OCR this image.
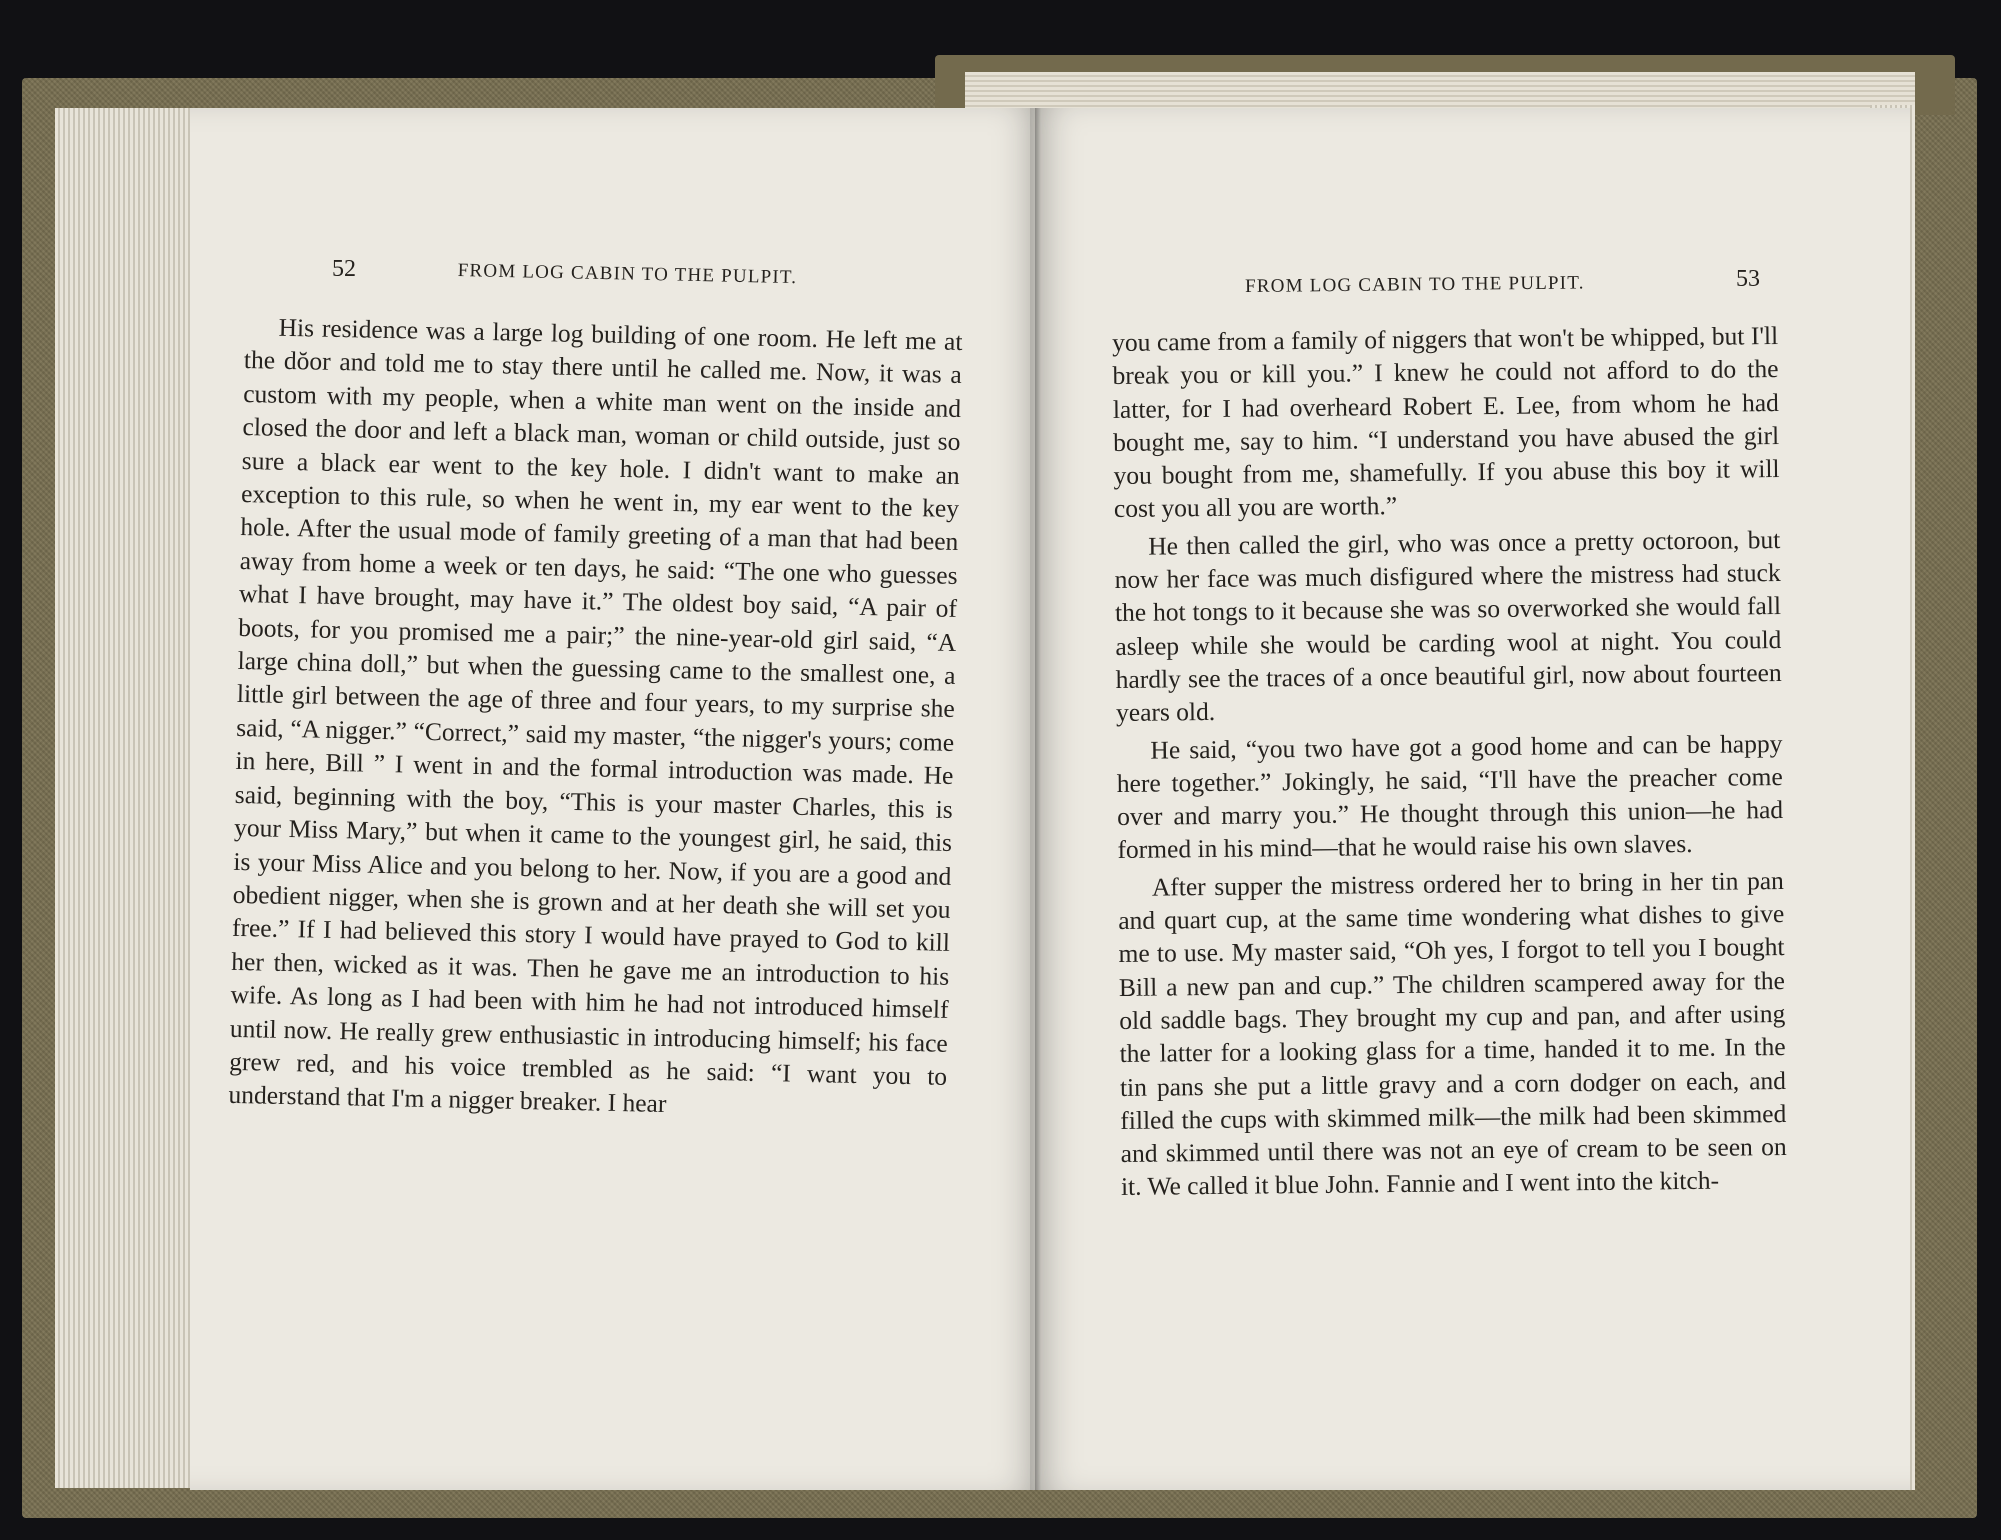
52	FROM LOG CABIN TO THE PULPIT.

His residence was a large log building of one room. He left me at the dŏor and told me to stay there until he called me. Now, it was a custom with my people, when a white man went on the inside and closed the door and left a black man, woman or child outside, just so sure a black ear went to the key hole. I didn't want to make an exception to this rule, so when he went in, my ear went to the key hole. After the usual mode of family greeting of a man that had been away from home a week or ten days, he said: “The one who guesses what I have brought, may have it.” The oldest boy said, “A pair of boots, for you promised me a pair;” the nine-year-old girl said, “A large china doll,” but when the guessing came to the smallest one, a little girl between the age of three and four years, to my surprise she said, “A nigger.” “Correct,” said my master, “the nigger's yours; come in here, Bill ” I went in and the formal introduction was made. He said, beginning with the boy, “This is your master Charles, this is your Miss Mary,” but when it came to the youngest girl, he said, this is your Miss Alice and you belong to her. Now, if you are a good and obedient nigger, when she is grown and at her death she will set you free.” If I had believed this story I would have prayed to God to kill her then, wicked as it was. Then he gave me an introduction to his wife. As long as I had been with him he had not introduced himself until now. He really grew enthusiastic in introducing himself; his face grew red, and his voice trembled as he said: “I want you to understand that I'm a nigger breaker. I hear

FROM LOG CABIN TO THE PULPIT.	53

you came from a family of niggers that won't be whipped, but I'll break you or kill you.” I knew he could not afford to do the latter, for I had overheard Robert E. Lee, from whom he had bought me, say to him. “I understand you have abused the girl you bought from me, shamefully. If you abuse this boy it will cost you all you are worth.”

He then called the girl, who was once a pretty octoroon, but now her face was much disfigured where the mistress had stuck the hot tongs to it because she was so overworked she would fall asleep while she would be carding wool at night. You could hardly see the traces of a once beautiful girl, now about fourteen years old.

He said, “you two have got a good home and can be happy here together.” Jokingly, he said, “I'll have the preacher come over and marry you.” He thought through this union—he had formed in his mind—that he would raise his own slaves.

After supper the mistress ordered her to bring in her tin pan and quart cup, at the same time wondering what dishes to give me to use. My master said, “Oh yes, I forgot to tell you I bought Bill a new pan and cup.” The children scampered away for the old saddle bags. They brought my cup and pan, and after using the latter for a looking glass for a time, handed it to me. In the tin pans she put a little gravy and a corn dodger on each, and filled the cups with skimmed milk—the milk had been skimmed and skimmed until there was not an eye of cream to be seen on it. We called it blue John. Fannie and I went into the kitch-
